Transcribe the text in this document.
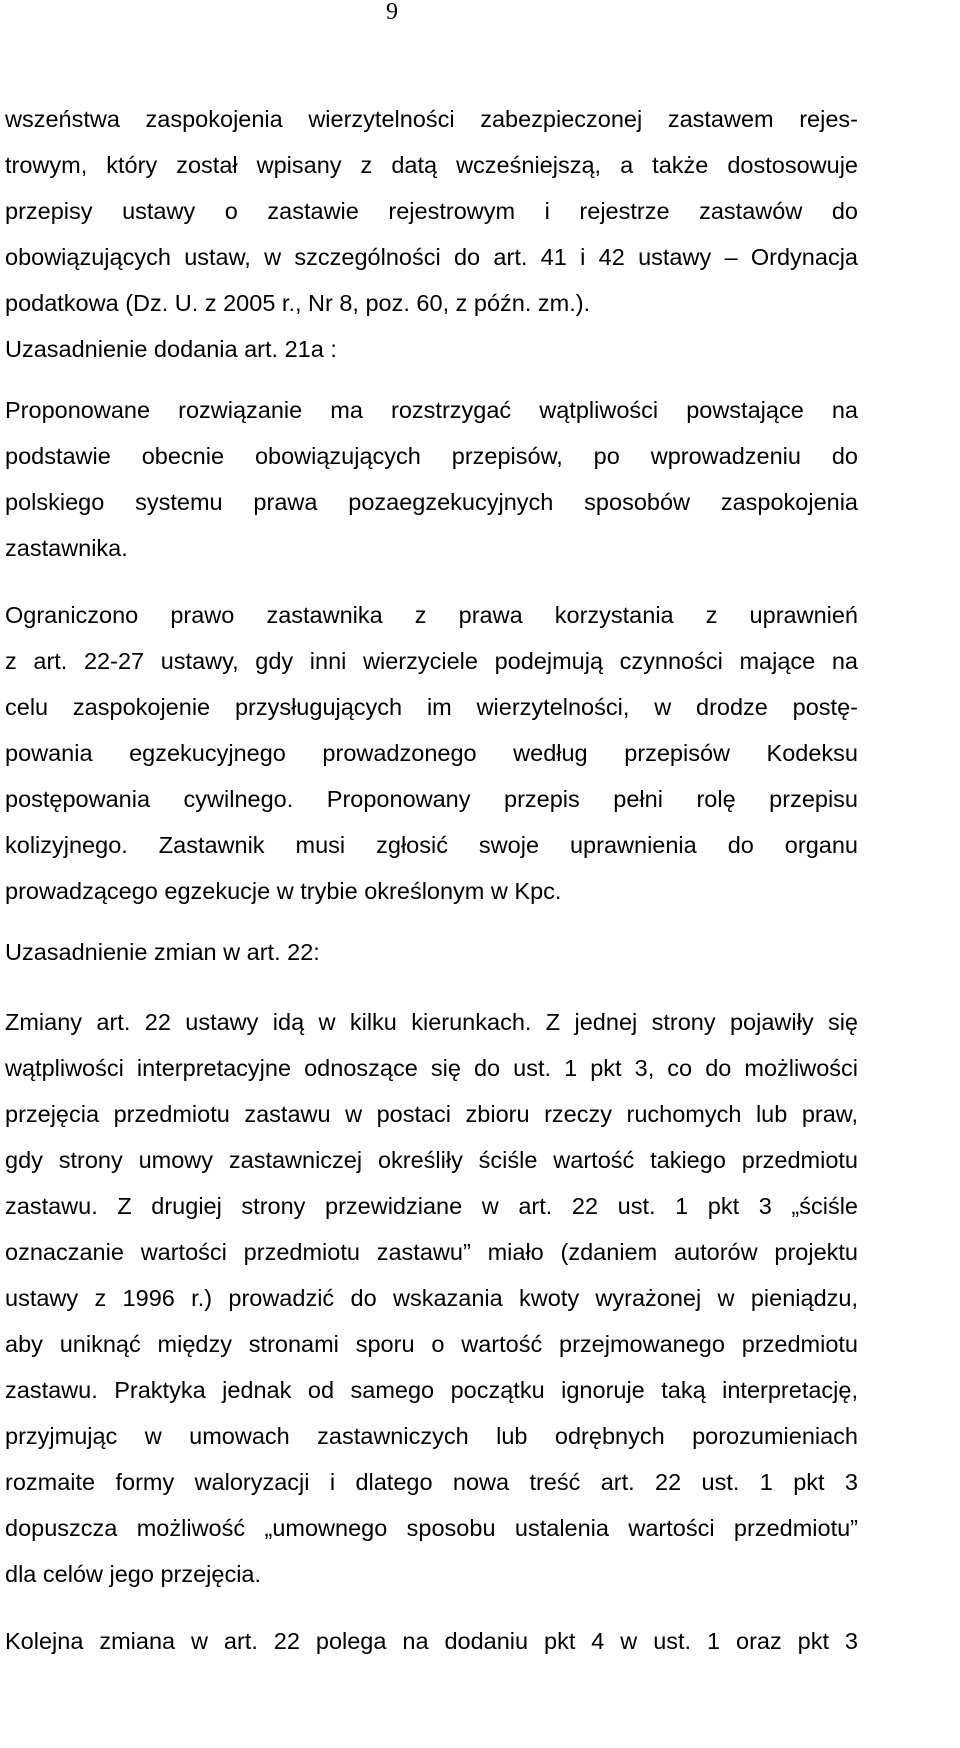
9
wszeństwa zaspokojenia wierzytelności zabezpieczonej zastawem rejes-
trowym, który został wpisany z datą wcześniejszą, a także dostosowuje
przepisy ustawy o zastawie rejestrowym i rejestrze zastawów do
obowiązujących ustaw, w szczególności do art. 41 i 42 ustawy – Ordynacja
podatkowa (Dz. U. z 2005 r., Nr 8, poz. 60, z późn. zm.).
Uzasadnienie dodania art. 21a :
Proponowane rozwiązanie ma rozstrzygać wątpliwości powstające na
podstawie obecnie obowiązujących przepisów, po wprowadzeniu do
polskiego systemu prawa pozaegzekucyjnych sposobów zaspokojenia
zastawnika.
Ograniczono prawo zastawnika z prawa korzystania z uprawnień
z art. 22-27 ustawy, gdy inni wierzyciele podejmują czynności mające na
celu zaspokojenie przysługujących im wierzytelności, w drodze postę-
powania egzekucyjnego prowadzonego według przepisów Kodeksu
postępowania cywilnego. Proponowany przepis pełni rolę przepisu
kolizyjnego. Zastawnik musi zgłosić swoje uprawnienia do organu
prowadzącego egzekucje w trybie określonym w Kpc.
Uzasadnienie zmian w art. 22:
Zmiany art. 22 ustawy idą w kilku kierunkach. Z jednej strony pojawiły się
wątpliwości interpretacyjne odnoszące się do ust. 1 pkt 3, co do możliwości
przejęcia przedmiotu zastawu w postaci zbioru rzeczy ruchomych lub praw,
gdy strony umowy zastawniczej określiły ściśle wartość takiego przedmiotu
zastawu. Z drugiej strony przewidziane w art. 22 ust. 1 pkt 3 „ściśle
oznaczanie wartości przedmiotu zastawu” miało (zdaniem autorów projektu
ustawy z 1996 r.) prowadzić do wskazania kwoty wyrażonej w pieniądzu,
aby uniknąć między stronami sporu o wartość przejmowanego przedmiotu
zastawu. Praktyka jednak od samego początku ignoruje taką interpretację,
przyjmując w umowach zastawniczych lub odrębnych porozumieniach
rozmaite formy waloryzacji i dlatego nowa treść art. 22 ust. 1 pkt 3
dopuszcza możliwość „umownego sposobu ustalenia wartości przedmiotu”
dla celów jego przejęcia.
Kolejna zmiana w art. 22 polega na dodaniu pkt 4 w ust. 1 oraz pkt 3
